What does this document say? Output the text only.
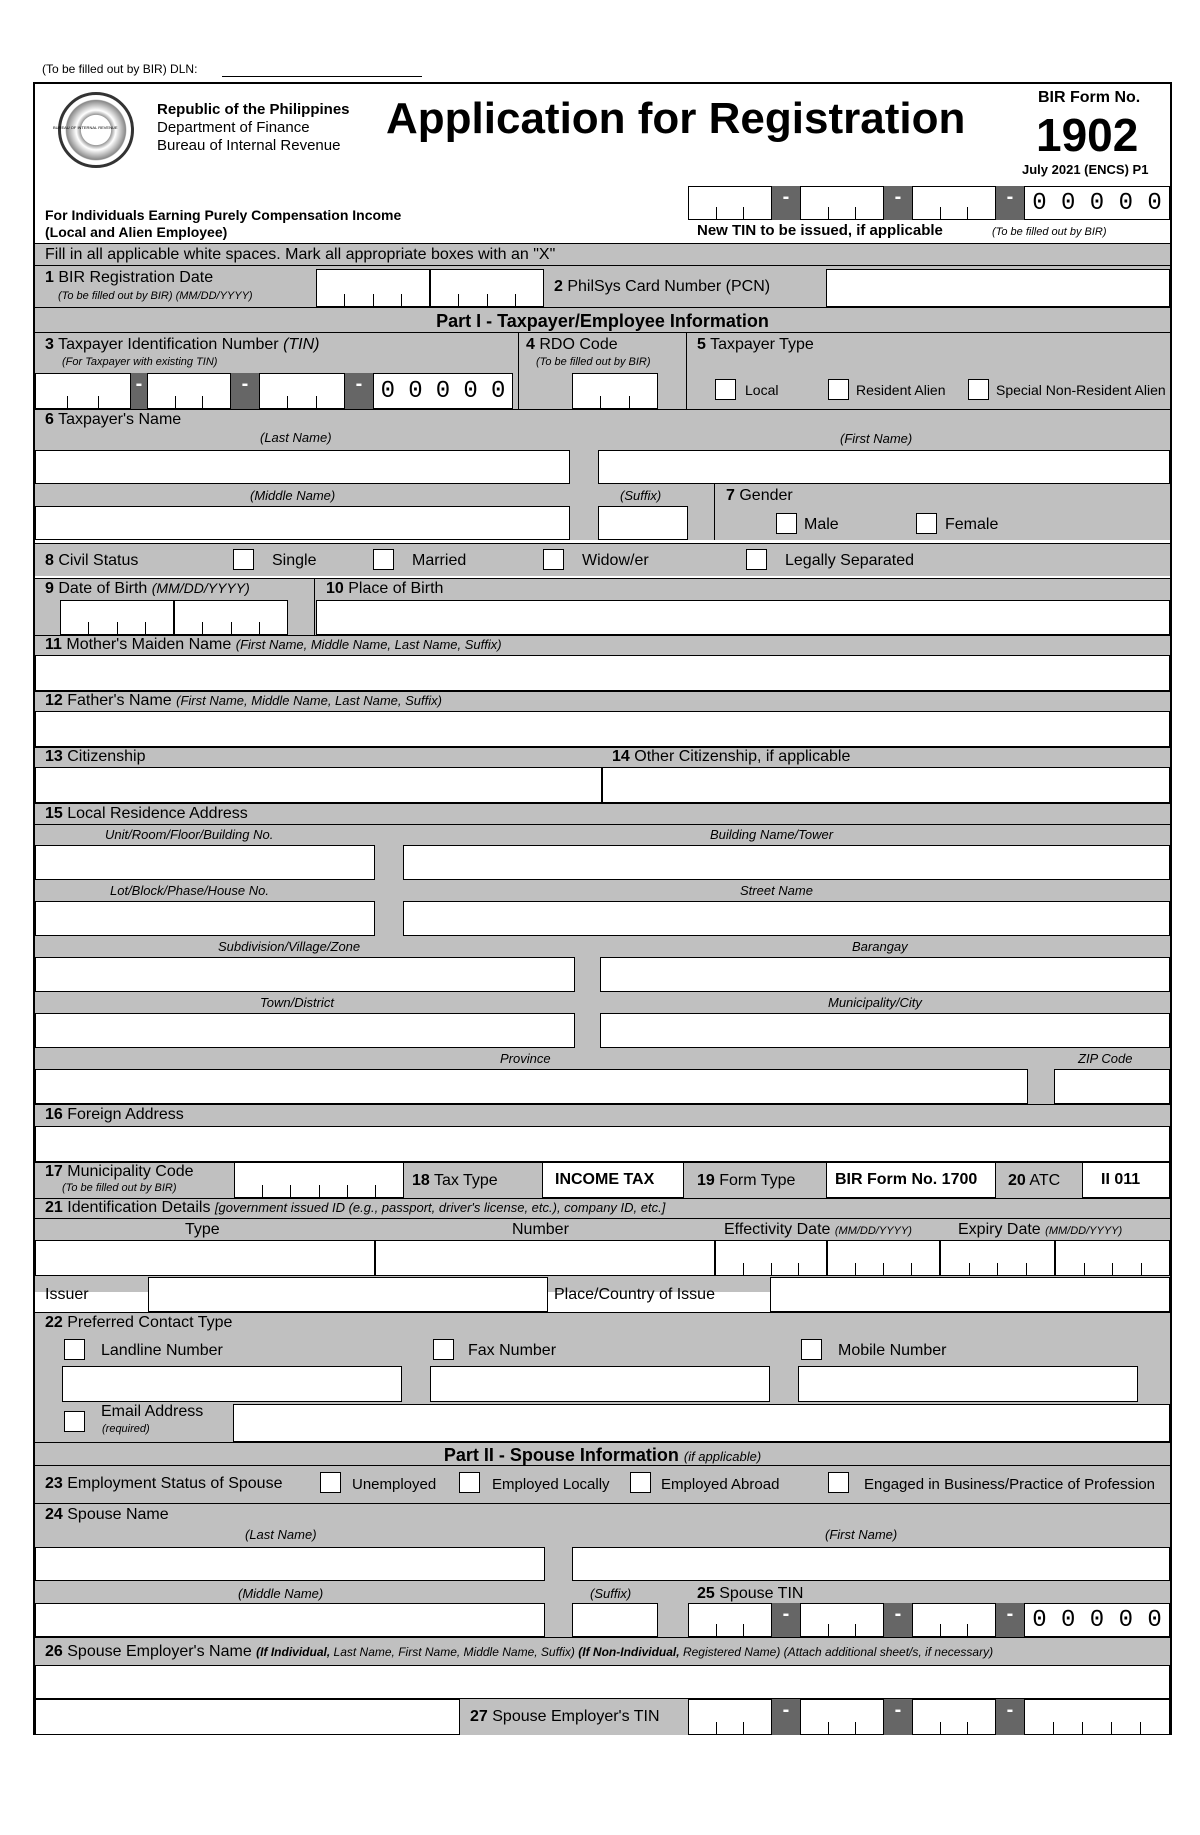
(To be filled out by BIR) DLN:
BUREAU OF INTERNAL REVENUE
Republic of the Philippines
Department of Finance
Bureau of Internal Revenue
Application for Registration	BIR Form No.
1902
July 2021 (ENCS) P1
For Individuals Earning Purely Compensation Income
(Local and Alien Employee)
-	-	- 0 0 0 0 0
New TIN to be issued, if applicable	(To be filled out by BIR)
Fill in all applicable white spaces. Mark all appropriate boxes with an "X"
1 BIR Registration Date
(To be filled out by BIR) (MM/DD/YYYY)
2 PhilSys Card Number (PCN)
Part I - Taxpayer/Employee Information
3 Taxpayer Identification Number (TIN)
(For Taxpayer with existing TIN)
-	-	- 0 0 0 0 0
4 RDO Code
(To be filled out by BIR)
5 Taxpayer Type
Local	Resident Alien	Special Non-Resident Alien
6 Taxpayer's Name
(Last Name)	(First Name)
(Middle Name)	(Suffix)	7 Gender
Male	Female
8 Civil Status	Single	Married	Widow/er	Legally Separated
9 Date of Birth (MM/DD/YYYY)	10 Place of Birth
11 Mother's Maiden Name (First Name, Middle Name, Last Name, Suffix)
12 Father's Name (First Name, Middle Name, Last Name, Suffix)
13 Citizenship	14 Other Citizenship, if applicable
15 Local Residence Address
Unit/Room/Floor/Building No.	Building Name/Tower
Lot/Block/Phase/House No.	Street Name
Subdivision/Village/Zone	Barangay
Town/District	Municipality/City
Province	ZIP Code
16 Foreign Address
17 Municipality Code
(To be filled out by BIR)	18 Tax Type	INCOME TAX	19 Form Type	BIR Form No. 1700	20 ATC	II 011
21 Identification Details [government issued ID (e.g., passport, driver's license, etc.), company ID, etc.]
Type	Number	Effectivity Date (MM/DD/YYYY)	Expiry Date (MM/DD/YYYY)
Issuer	Place/Country of Issue
22 Preferred Contact Type
Landline Number	Fax Number	Mobile Number
Email Address
(required)
Part II - Spouse Information (if applicable)
23 Employment Status of Spouse	Unemployed	Employed Locally	Employed Abroad	Engaged in Business/Practice of Profession
24 Spouse Name
(Last Name)	(First Name)
(Middle Name)	(Suffix)	25 Spouse TIN
-	-	- 0 0 0 0 0
26 Spouse Employer's Name (If Individual, Last Name, First Name, Middle Name, Suffix) (If Non-Individual, Registered Name) (Attach additional sheet/s, if necessary)
27 Spouse Employer's TIN	-	-	-
